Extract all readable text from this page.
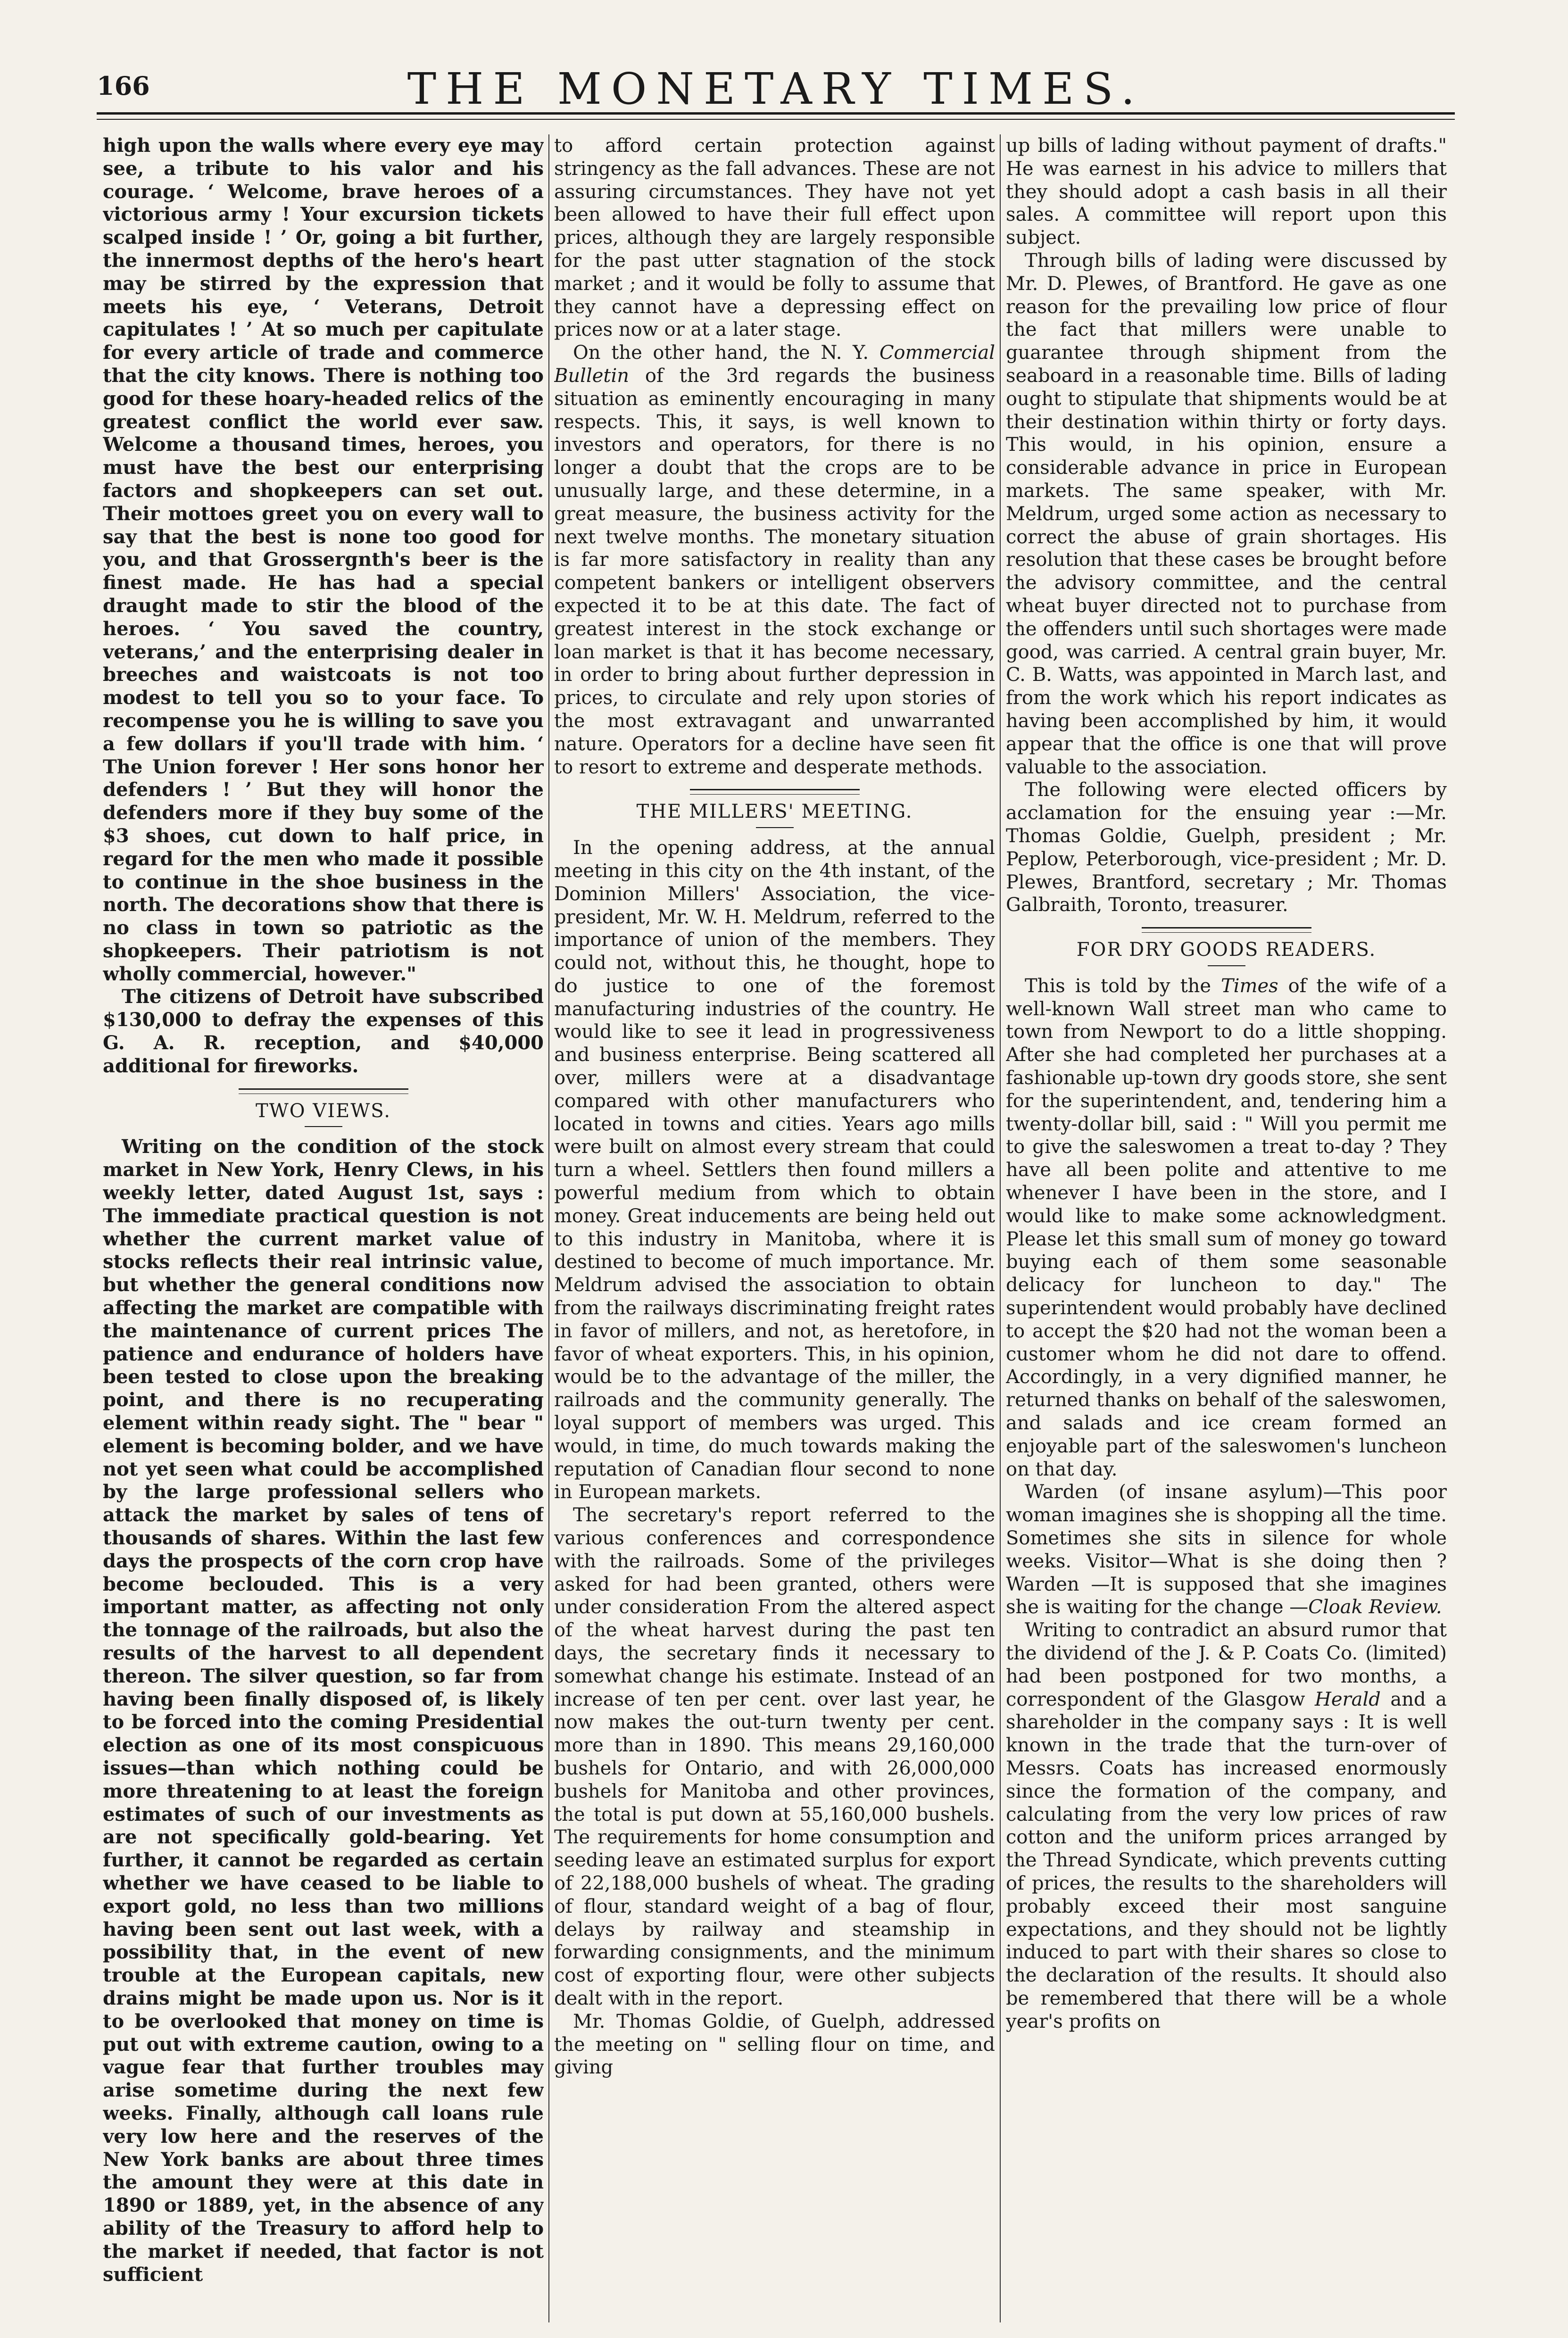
166	THE MONETARY TIMES.

high upon the walls where every eye may see, a tribute to his valor and his courage. ‘ Welcome, brave heroes of a victorious army ! Your excursion tickets scalped inside ! ’ Or, going a bit further, the innermost depths of the hero's heart may be stirred by the expression that meets his eye, ‘ Veterans, Detroit capitulates ! ’ At so much per capitulate for every article of trade and commerce that the city knows. There is nothing too good for these hoary-headed relics of the greatest conflict the world ever saw. Welcome a thousand times, heroes, you must have the best our enterprising factors and shopkeepers can set out. Their mottoes greet you on every wall to say that the best is none too good for you, and that Grossergnth's beer is the finest made. He has had a special draught made to stir the blood of the heroes. ‘ You saved the country, veterans,’ and the enterprising dealer in breeches and waistcoats is not too modest to tell you so to your face. To recompense you he is willing to save you a few dollars if you'll trade with him. ‘ The Union forever ! Her sons honor her defenders ! ’ But they will honor the defenders more if they buy some of the $3 shoes, cut down to half price, in regard for the men who made it possible to continue in the shoe business in the north. The decorations show that there is no class in town so patriotic as the shopkeepers. Their patriotism is not wholly commercial, however."

The citizens of Detroit have subscribed $130,000 to defray the expenses of this G. A. R. reception, and $40,000 additional for fireworks.

TWO VIEWS.

Writing on the condition of the stock market in New York, Henry Clews, in his weekly letter, dated August 1st, says : The immediate practical question is not whether the current market value of stocks reflects their real intrinsic value, but whether the general conditions now affecting the market are compatible with the maintenance of current prices The patience and endurance of holders have been tested to close upon the breaking point, and there is no recuperating element within ready sight. The " bear " element is becoming bolder, and we have not yet seen what could be accomplished by the large professional sellers who attack the market by sales of tens of thousands of shares. Within the last few days the prospects of the corn crop have become beclouded. This is a very important matter, as affecting not only the tonnage of the railroads, but also the results of the harvest to all dependent thereon. The silver question, so far from having been finally disposed of, is likely to be forced into the coming Presidential election as one of its most conspicuous issues—than which nothing could be more threatening to at least the foreign estimates of such of our investments as are not specifically gold-bearing. Yet further, it cannot be regarded as certain whether we have ceased to be liable to export gold, no less than two millions having been sent out last week, with a possibility that, in the event of new trouble at the European capitals, new drains might be made upon us. Nor is it to be overlooked that money on time is put out with extreme caution, owing to a vague fear that further troubles may arise sometime during the next few weeks. Finally, although call loans rule very low here and the reserves of the New York banks are about three times the amount they were at this date in 1890 or 1889, yet, in the absence of any ability of the Treasury to afford help to the market if needed, that factor is not sufficient

to afford certain protection against stringency as the fall advances. These are not assuring circumstances. They have not yet been allowed to have their full effect upon prices, although they are largely responsible for the past utter stagnation of the stock market ; and it would be folly to assume that they cannot have a depressing effect on prices now or at a later stage.

On the other hand, the N. Y. Commercial Bulletin of the 3rd regards the business situation as eminently encouraging in many respects. This, it says, is well known to investors and operators, for there is no longer a doubt that the crops are to be unusually large, and these determine, in a great measure, the business activity for the next twelve months. The monetary situation is far more satisfactory in reality than any competent bankers or intelligent observers expected it to be at this date. The fact of greatest interest in the stock exchange or loan market is that it has become necessary, in order to bring about further depression in prices, to circulate and rely upon stories of the most extravagant and unwarranted nature. Operators for a decline have seen fit to resort to extreme and desperate methods.

THE MILLERS' MEETING.

In the opening address, at the annual meeting in this city on the 4th instant, of the Dominion Millers' Association, the vice-president, Mr. W. H. Meldrum, referred to the importance of union of the members. They could not, without this, he thought, hope to do justice to one of the foremost manufacturing industries of the country. He would like to see it lead in progressiveness and business enterprise. Being scattered all over, millers were at a disadvantage compared with other manufacturers who located in towns and cities. Years ago mills were built on almost every stream that could turn a wheel. Settlers then found millers a powerful medium from which to obtain money. Great inducements are being held out to this industry in Manitoba, where it is destined to become of much importance. Mr. Meldrum advised the association to obtain from the railways discriminating freight rates in favor of millers, and not, as heretofore, in favor of wheat exporters. This, in his opinion, would be to the advantage of the miller, the railroads and the community generally. The loyal support of members was urged. This would, in time, do much towards making the reputation of Canadian flour second to none in European markets.

The secretary's report referred to the various conferences and correspondence with the railroads. Some of the privileges asked for had been granted, others were under consideration From the altered aspect of the wheat harvest during the past ten days, the secretary finds it necessary to somewhat change his estimate. Instead of an increase of ten per cent. over last year, he now makes the out-turn twenty per cent. more than in 1890. This means 29,160,000 bushels for Ontario, and with 26,000,000 bushels for Manitoba and other provinces, the total is put down at 55,160,000 bushels. The requirements for home consumption and seeding leave an estimated surplus for export of 22,188,000 bushels of wheat. The grading of flour, standard weight of a bag of flour, delays by railway and steamship in forwarding consignments, and the minimum cost of exporting flour, were other subjects dealt with in the report.

Mr. Thomas Goldie, of Guelph, addressed the meeting on " selling flour on time, and giving

up bills of lading without payment of drafts." He was earnest in his advice to millers that they should adopt a cash basis in all their sales. A committee will report upon this subject.

Through bills of lading were discussed by Mr. D. Plewes, of Brantford. He gave as one reason for the prevailing low price of flour the fact that millers were unable to guarantee through shipment from the seaboard in a reasonable time. Bills of lading ought to stipulate that shipments would be at their destination within thirty or forty days. This would, in his opinion, ensure a considerable advance in price in European markets. The same speaker, with Mr. Meldrum, urged some action as necessary to correct the abuse of grain shortages. His resolution that these cases be brought before the advisory committee, and the central wheat buyer directed not to purchase from the offenders until such shortages were made good, was carried. A central grain buyer, Mr. C. B. Watts, was appointed in March last, and from the work which his report indicates as having been accomplished by him, it would appear that the office is one that will prove valuable to the association.

The following were elected officers by acclamation for the ensuing year :—Mr. Thomas Goldie, Guelph, president ; Mr. Peplow, Peterborough, vice-president ; Mr. D. Plewes, Brantford, secretary ; Mr. Thomas Galbraith, Toronto, treasurer.

FOR DRY GOODS READERS.

This is told by the Times of the wife of a well-known Wall street man who came to town from Newport to do a little shopping. After she had completed her purchases at a fashionable up-town dry goods store, she sent for the superintendent, and, tendering him a twenty-dollar bill, said : " Will you permit me to give the saleswomen a treat to-day ? They have all been polite and attentive to me whenever I have been in the store, and I would like to make some acknowledgment. Please let this small sum of money go toward buying each of them some seasonable delicacy for luncheon to day." The superintendent would probably have declined to accept the $20 had not the woman been a customer whom he did not dare to offend. Accordingly, in a very dignified manner, he returned thanks on behalf of the saleswomen, and salads and ice cream formed an enjoyable part of the saleswomen's luncheon on that day.

Warden (of insane asylum)—This poor woman imagines she is shopping all the time. Sometimes she sits in silence for whole weeks. Visitor—What is she doing then ? Warden —It is supposed that she imagines she is waiting for the change —Cloak Review.

Writing to contradict an absurd rumor that the dividend of the J. & P. Coats Co. (limited) had been postponed for two months, a correspondent of the Glasgow Herald and a shareholder in the company says : It is well known in the trade that the turn-over of Messrs. Coats has increased enormously since the formation of the company, and calculating from the very low prices of raw cotton and the uniform prices arranged by the Thread Syndicate, which prevents cutting of prices, the results to the shareholders will probably exceed their most sanguine expectations, and they should not be lightly induced to part with their shares so close to the declaration of the results. It should also be remembered that there will be a whole year's profits on
